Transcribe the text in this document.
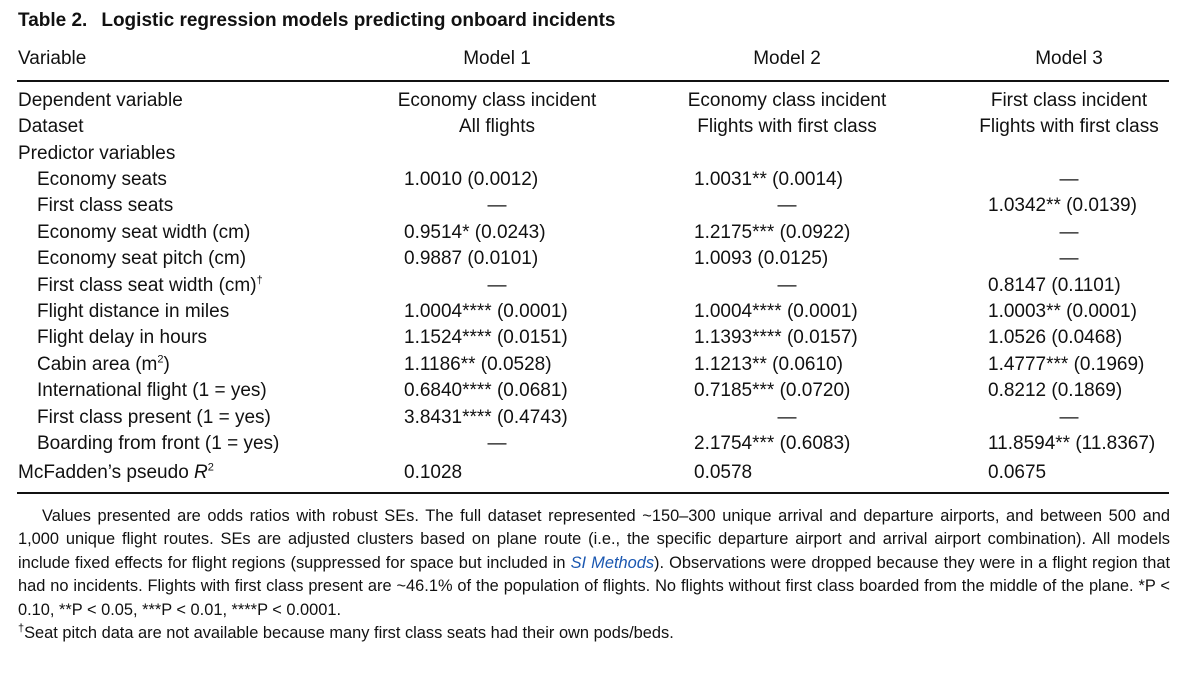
Table 2. Logistic regression models predicting onboard incidents
Variable	Model 1	Model 2	Model 3
Dependent variable	Economy class incident	Economy class incident	First class incident
Dataset	All flights	Flights with first class	Flights with first class
Predictor variables
Economy seats	1.0010 (0.0012)	1.0031** (0.0014)	—
First class seats	—	—	1.0342** (0.0139)
Economy seat width (cm)	0.9514* (0.0243)	1.2175*** (0.0922)	—
Economy seat pitch (cm)	0.9887 (0.0101)	1.0093 (0.0125)	—
First class seat width (cm)†	—	—	0.8147 (0.1101)
Flight distance in miles	1.0004**** (0.0001)	1.0004**** (0.0001)	1.0003** (0.0001)
Flight delay in hours	1.1524**** (0.0151)	1.1393**** (0.0157)	1.0526 (0.0468)
Cabin area $(m^2)$	1.1186** (0.0528)	1.1213** (0.0610)	1.4777*** (0.1969)
International flight (1 = yes)	0.6840**** (0.0681)	0.7185*** (0.0720)	0.8212 (0.1869)
First class present (1 = yes)	3.8431**** (0.4743)	—	—
Boarding from front (1 = yes)	—	2.1754*** (0.6083)	11.8594** (11.8367)
McFadden’s pseudo $R^2$	0.1028	0.0578	0.0675

Values presented are odds ratios with robust SEs. The full dataset represented ~150–300 unique arrival and departure airports, and between 500 and 1,000 unique flight routes. SEs are adjusted clusters based on plane route (i.e., the specific departure airport and arrival airport combination). All models include fixed effects for flight regions (suppressed for space but included in SI Methods). Observations were dropped because they were in a flight region that had no incidents. Flights with first class present are ~46.1% of the population of flights. No flights without first class boarded from the middle of the plane. *P < 0.10, **P < 0.05, ***P < 0.01, ****P < 0.0001.

†Seat pitch data are not available because many first class seats had their own pods/beds.
